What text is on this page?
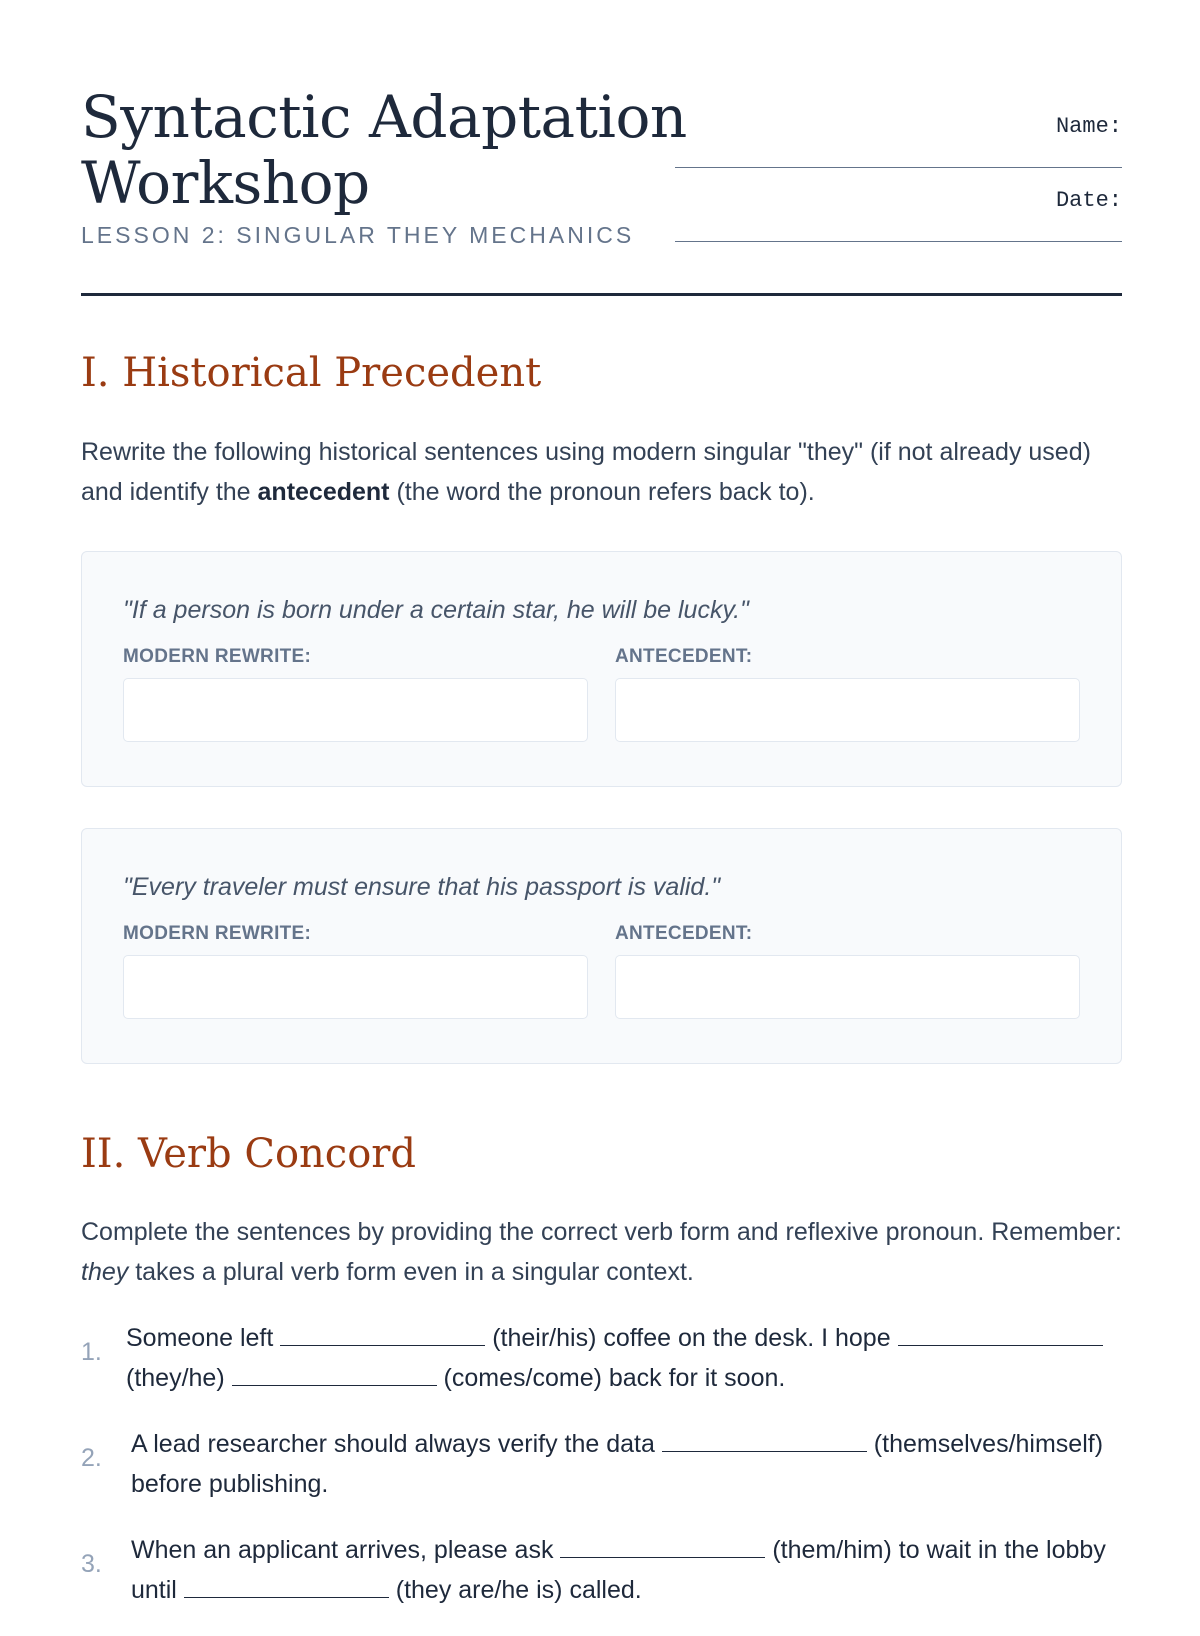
Syntactic Adaptation
Workshop
LESSON 2: SINGULAR THEY MECHANICS
Name:
Date:
I. Historical Precedent

Rewrite the following historical sentences using modern singular "they" (if not already used) and identify the antecedent (the word the pronoun refers back to).

"If a person is born under a certain star, he will be lucky."
MODERN REWRITE:	ANTECEDENT:
"Every traveler must ensure that his passport is valid."
MODERN REWRITE:	ANTECEDENT:
II. Verb Concord

Complete the sentences by providing the correct verb form and reflexive pronoun. Remember: they takes a plural verb form even in a singular context.

1. Someone left	(their/his) coffee on the desk. I hope  (they/he)	(comes/come) back for it soon.
2. A lead researcher should always verify the data	(themselves/himself) before publishing.
3. When an applicant arrives, please ask	(them/him) to wait in the lobby until	(they are/he is) called.
